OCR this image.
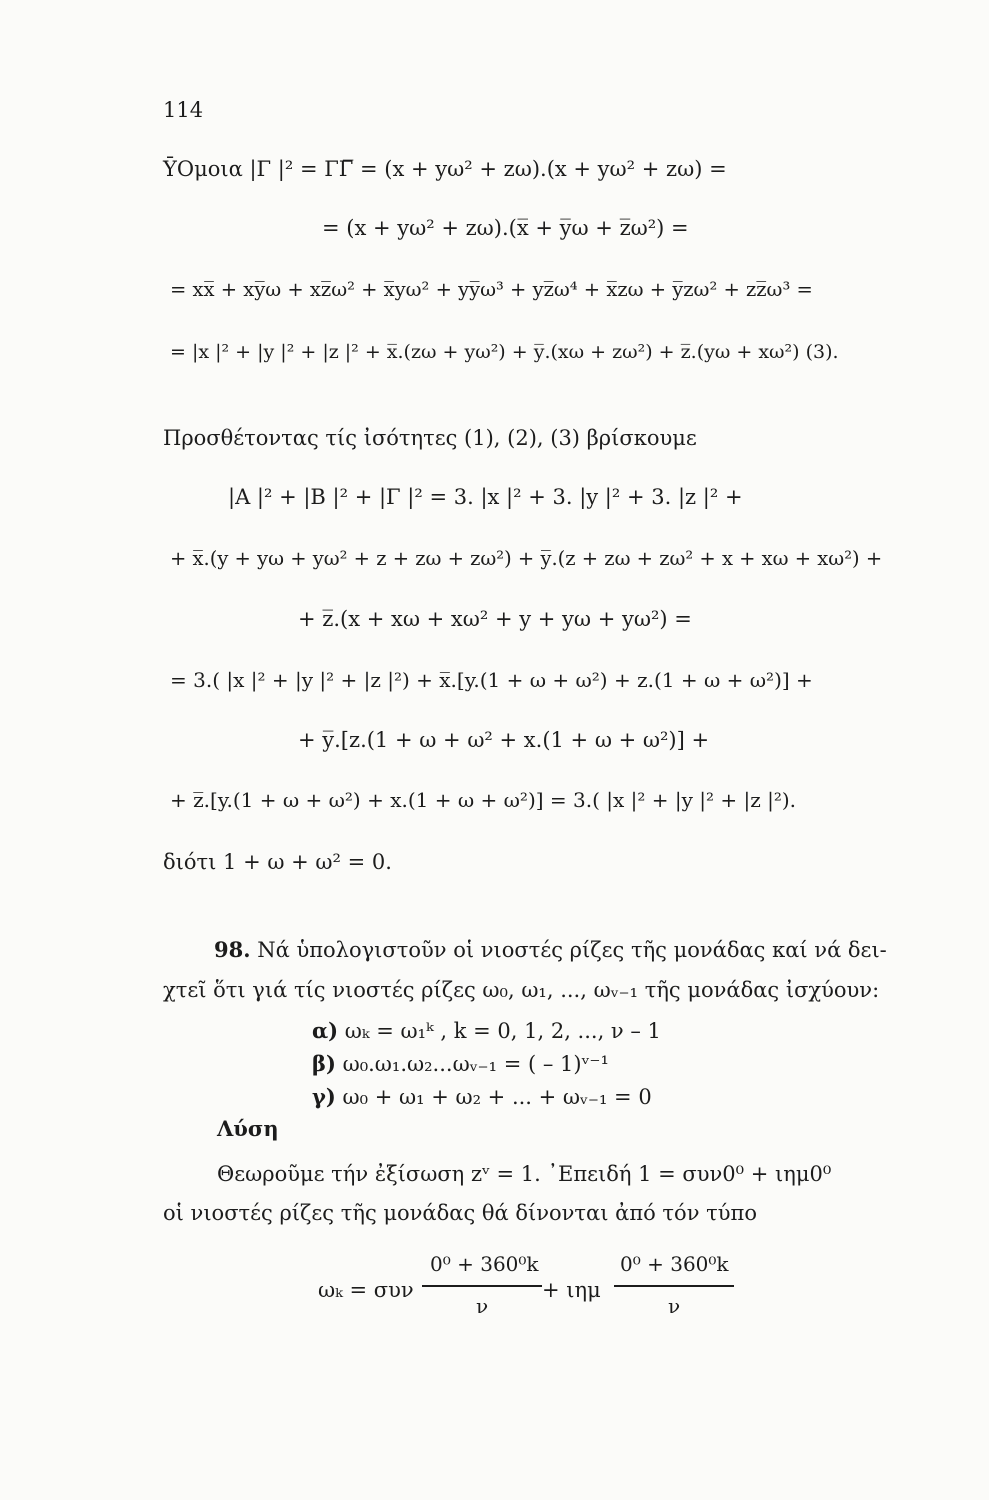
114
ῩΟμοια |Γ |² = ΓΓ̅ = (x + yω² + zω).(x + yω² + zω) =
= (x + yω² + zω).(x̅ + y̅ω + z̅ω²) =
= xx̅ + xy̅ω + xz̅ω² + x̅yω² + yy̅ω³ + yz̅ω⁴ + x̅zω + y̅zω² + zz̅ω³ =
= |x |² + |y |² + |z |² + x̅.(zω + yω²) + y̅.(xω + zω²) + z̅.(yω + xω²) (3).
Προσθέτοντας τίς ἰσότητες (1), (2), (3) βρίσκουμε
|A |² + |B |² + |Γ |² = 3. |x |² + 3. |y |² + 3. |z |² +
+ x̅.(y + yω + yω² + z + zω + zω²) + y̅.(z + zω + zω² + x + xω + xω²) +
+ z̅.(x + xω + xω² + y + yω + yω²) =
= 3.( |x |² + |y |² + |z |²) + x̅.[y.(1 + ω + ω²) + z.(1 + ω + ω²)] +
+ y̅.[z.(1 + ω + ω² + x.(1 + ω + ω²)] +
+ z̅.[y.(1 + ω + ω²) + x.(1 + ω + ω²)] = 3.( |x |² + |y |² + |z |²).
διότι 1 + ω + ω² = 0.
98. Νά ὑπολογιστοῦν οἱ νιοστές ρίζες τῆς μονάδας καί νά δει-
χτεῖ ὅτι γιά τίς νιοστές ρίζες ω₀, ω₁, ..., ωᵥ₋₁ τῆς μονάδας ἰσχύουν:
α) ωₖ = ω₁ᵏ , k = 0, 1, 2, ..., ν – 1
β) ω₀.ω₁.ω₂...ωᵥ₋₁ = ( – 1)ᵛ⁻¹
γ) ω₀ + ω₁ + ω₂ + ... + ωᵥ₋₁ = 0
Λύση
Θεωροῦμε τήν ἐξίσωση zᵛ = 1. ᾿Επειδή 1 = συν0⁰ + ιημ0⁰
οἱ νιοστές ρίζες τῆς μονάδας θά δίνονται ἀπό τόν τύπο
ωₖ = συν
0⁰ + 360⁰k
ν
+ ιημ
0⁰ + 360⁰k
ν
